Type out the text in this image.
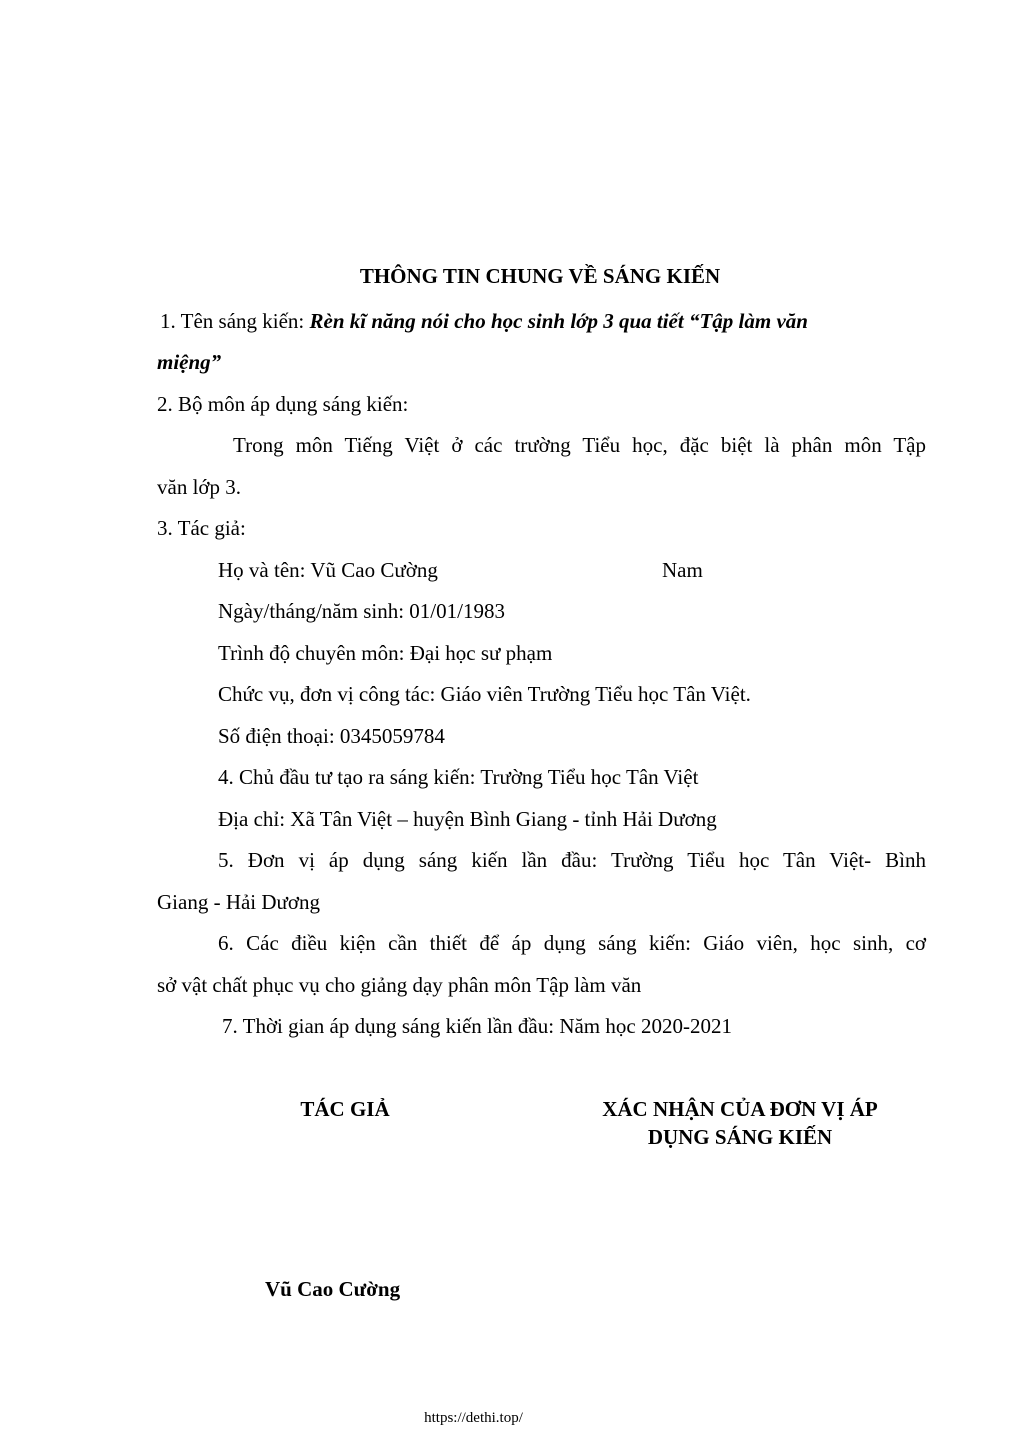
THÔNG TIN CHUNG VỀ SÁNG KIẾN
1. Tên sáng kiến: Rèn kĩ năng nói cho học sinh lớp 3 qua tiết “Tập làm văn
miệng”
2. Bộ môn áp dụng sáng kiến:
Trong môn Tiếng Việt ở các trường Tiểu học, đặc biệt là phân môn Tập
văn lớp 3.
3. Tác giả:
Họ và tên: Vũ Cao Cường	Nam
Ngày/tháng/năm sinh: 01/01/1983
Trình độ chuyên môn: Đại học sư phạm
Chức vụ, đơn vị công tác: Giáo viên Trường Tiểu học Tân Việt.
Số điện thoại: 0345059784
4. Chủ đầu tư tạo ra sáng kiến: Trường Tiểu học Tân Việt
Địa chỉ: Xã Tân Việt – huyện Bình Giang - tỉnh Hải Dương
5. Đơn vị áp dụng sáng kiến lần đầu: Trường Tiểu học Tân Việt- Bình
Giang - Hải Dương
6. Các điều kiện cần thiết để áp dụng sáng kiến: Giáo viên, học sinh, cơ
sở vật chất phục vụ cho giảng dạy phân môn Tập làm văn
7. Thời gian áp dụng sáng kiến lần đầu: Năm học 2020-2021
TÁC GIẢ	XÁC NHẬN CỦA ĐƠN VỊ ÁP
DỤNG SÁNG KIẾN
Vũ Cao Cường
https://dethi.top/
